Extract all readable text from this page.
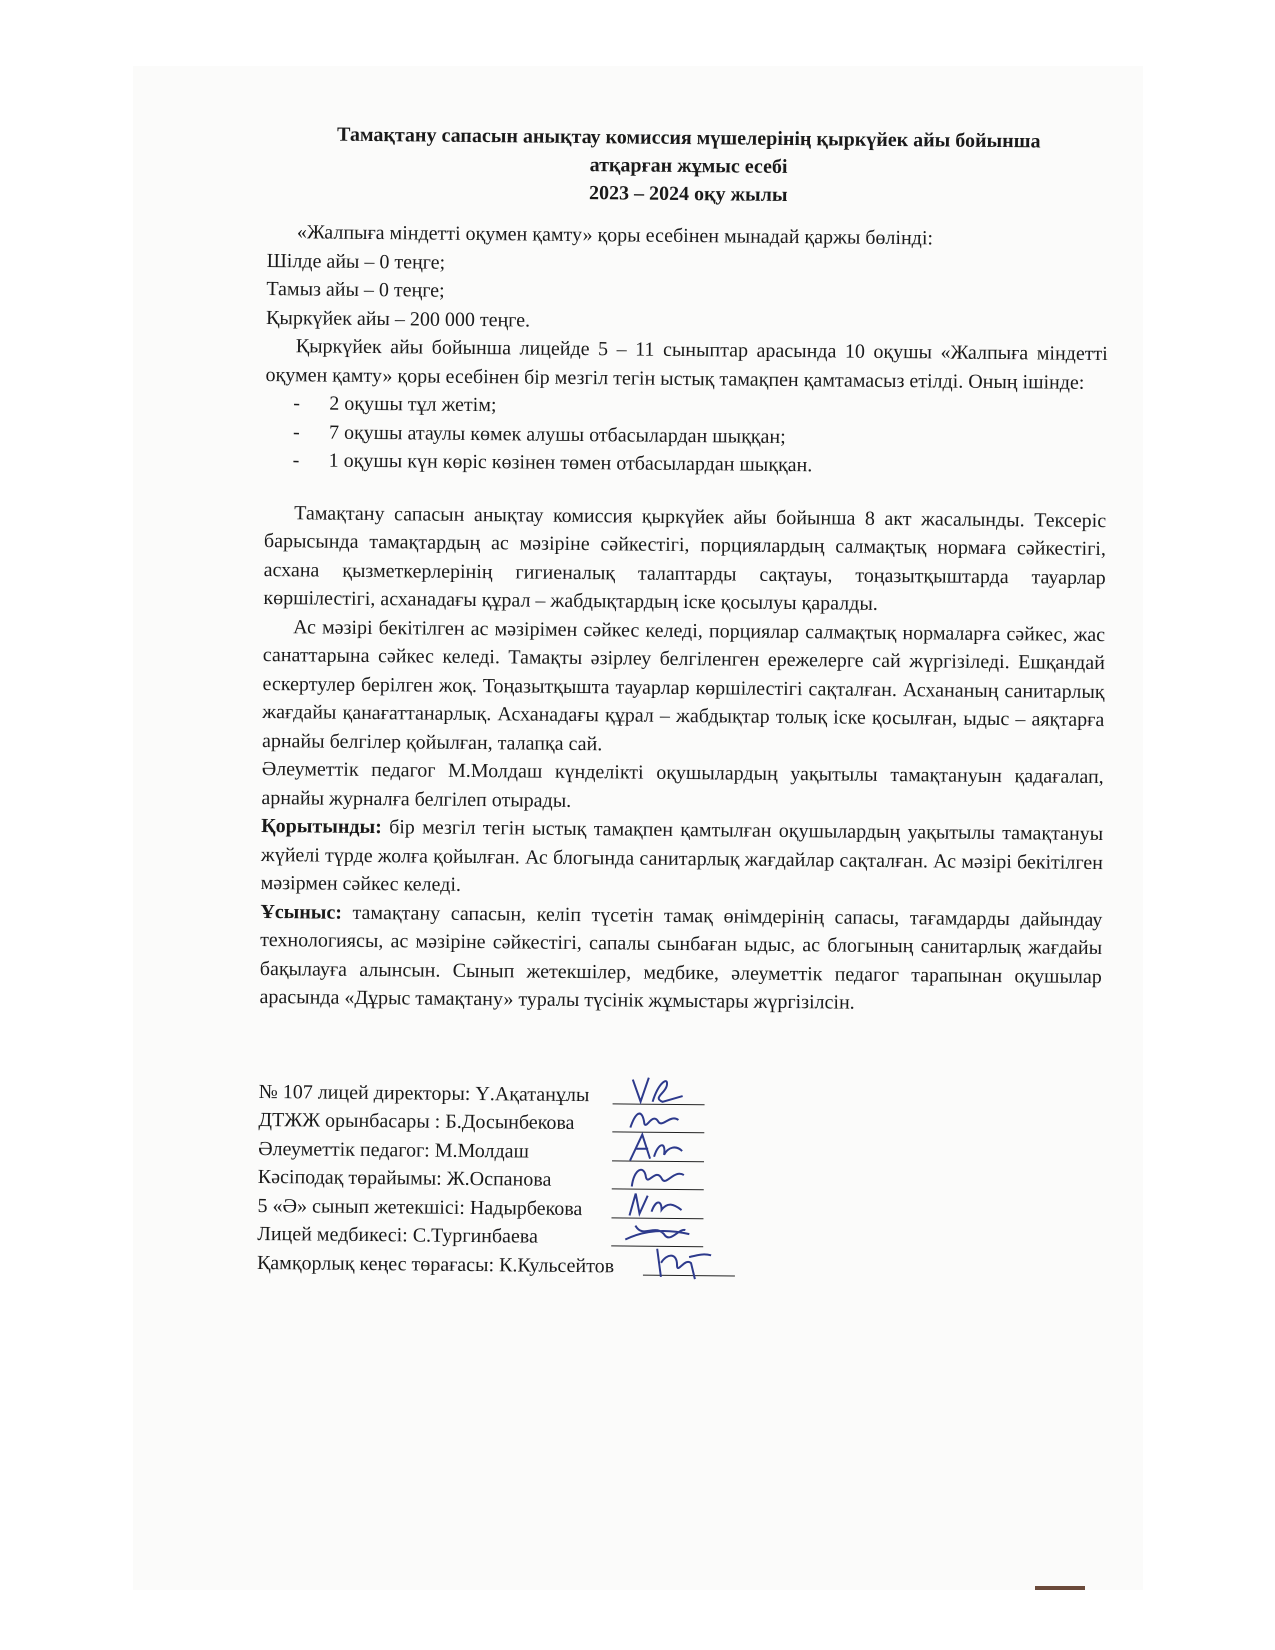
Тамақтану сапасын анықтау комиссия мүшелерінің қыркүйек айы бойынша
атқарған жұмыс есебі
2023 – 2024 оқу жылы

«Жалпыға міндетті оқумен қамту» қоры есебінен мынадай қаржы бөлінді:

Шілде айы – 0 теңге;

Тамыз айы – 0 теңге;

Қыркүйек айы – 200 000 теңге.

Қыркүйек айы бойынша лицейде 5 – 11 сыныптар арасында 10 оқушы «Жалпыға міндетті оқумен қамту» қоры есебінен бір мезгіл тегін ыстық тамақпен қамтамасыз етілді. Оның ішінде:

- 2 оқушы тұл жетім;
- 7 оқушы атаулы көмек алушы отбасылардан шыққан;
- 1 оқушы күн көріс көзінен төмен отбасылардан шыққан.

Тамақтану сапасын анықтау комиссия қыркүйек айы бойынша 8 акт жасалынды. Тексеріс барысында тамақтардың ас мәзіріне сәйкестігі, порциялардың салмақтық нормаға сәйкестігі, асхана қызметкерлерінің гигиеналық талаптарды сақтауы, тоңазытқыштарда тауарлар көршілестігі, асханадағы құрал – жабдықтардың іске қосылуы қаралды.

Ас мәзірі бекітілген ас мәзірімен сәйкес келеді, порциялар салмақтық нормаларға сәйкес, жас санаттарына сәйкес келеді. Тамақты әзірлеу белгіленген ережелерге сай жүргізіледі. Ешқандай ескертулер берілген жоқ. Тоңазытқышта тауарлар көршілестігі сақталған. Асхананың санитарлық жағдайы қанағаттанарлық. Асханадағы құрал – жабдықтар толық іске қосылған, ыдыс – аяқтарға арнайы белгілер қойылған, талапқа сай.

Әлеуметтік педагог М.Молдаш күнделікті оқушылардың уақытылы тамақтануын қадағалап, арнайы журналға белгілеп отырады.

Қорытынды: бір мезгіл тегін ыстық тамақпен қамтылған оқушылардың уақытылы тамақтануы жүйелі түрде жолға қойылған. Ас блогында санитарлық жағдайлар сақталған. Ас мәзірі бекітілген мәзірмен сәйкес келеді.

Ұсыныс: тамақтану сапасын, келіп түсетін тамақ өнімдерінің сапасы, тағамдарды дайындау технологиясы, ас мәзіріне сәйкестігі, сапалы сынбаған ыдыс, ас блогының санитарлық жағдайы бақылауға алынсын. Сынып жетекшілер, медбике, әлеуметтік педагог тарапынан оқушылар арасында «Дұрыс тамақтану» туралы түсінік жұмыстары жүргізілсін.

№ 107 лицей директоры: Ү.Ақатанұлы
ДТЖЖ орынбасары : Б.Досынбекова
Әлеуметтік педагог: М.Молдаш
Кәсіподақ төрайымы: Ж.Оспанова
5 «Ә» сынып жетекшісі: Надырбекова
Лицей медбикесі: С.Тургинбаева
Қамқорлық кеңес төрағасы: К.Кульсейтов
